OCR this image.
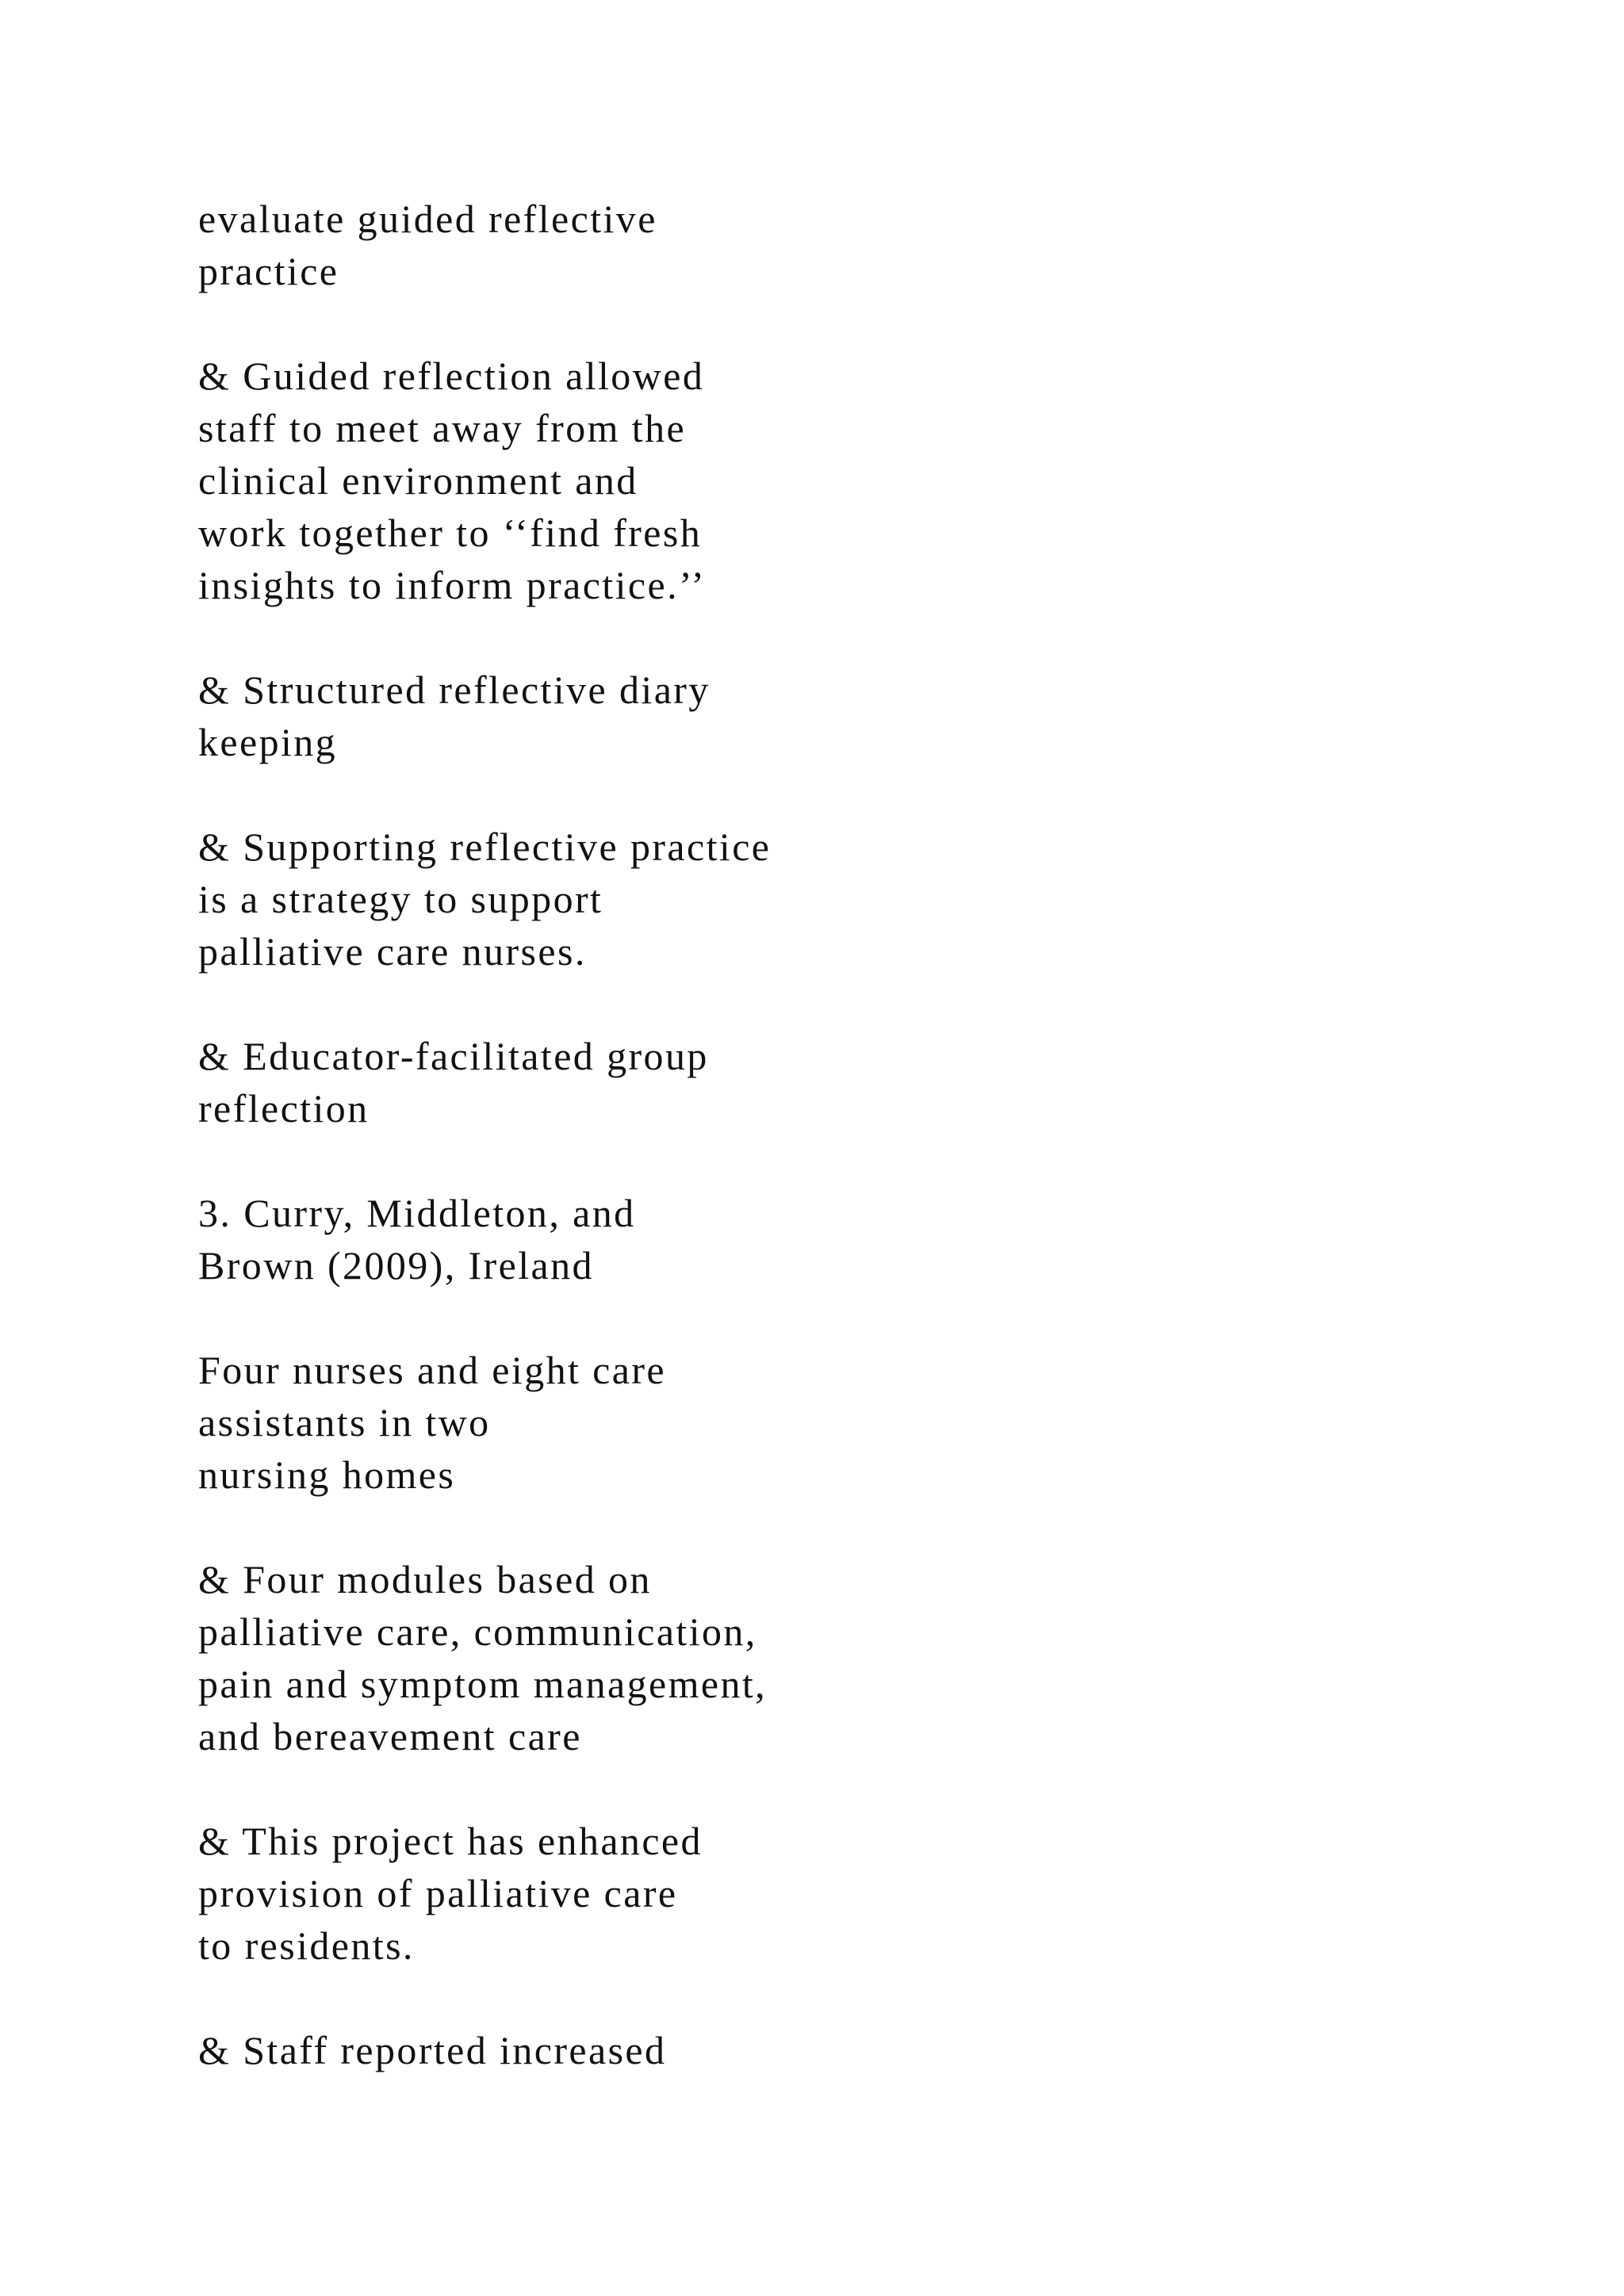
evaluate guided reflective
practice

& Guided reflection allowed
staff to meet away from the
clinical environment and
work together to ‘‘find fresh
insights to inform practice.’’

& Structured reflective diary
keeping

& Supporting reflective practice
is a strategy to support
palliative care nurses.

& Educator-facilitated group
reflection

3. Curry, Middleton, and
Brown (2009), Ireland

Four nurses and eight care
assistants in two
nursing homes

& Four modules based on
palliative care, communication,
pain and symptom management,
and bereavement care

& This project has enhanced
provision of palliative care
to residents.

& Staff reported increased
